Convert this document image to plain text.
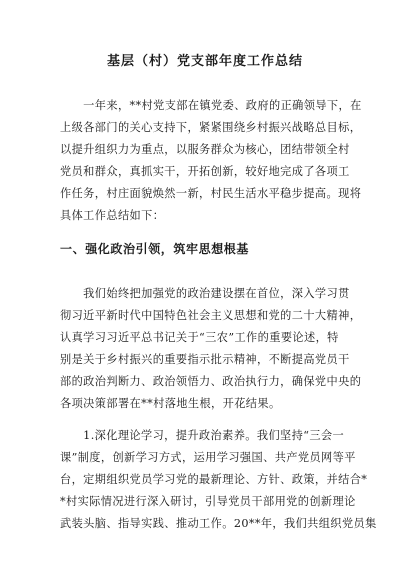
基层（村）党支部年度工作总结
　　一年来，**村党支部在镇党委、政府的正确领导下，在
上级各部门的关心支持下，紧紧围绕乡村振兴战略总目标，
以提升组织力为重点，以服务群众为核心，团结带领全村
党员和群众，真抓实干，开拓创新，较好地完成了各项工
作任务，村庄面貌焕然一新，村民生活水平稳步提高。现将
具体工作总结如下：
一、强化政治引领，筑牢思想根基
　　我们始终把加强党的政治建设摆在首位，深入学习贯
彻习近平新时代中国特色社会主义思想和党的二十大精神，
认真学习习近平总书记关于“三农”工作的重要论述，特
别是关于乡村振兴的重要指示批示精神，不断提高党员干
部的政治判断力、政治领悟力、政治执行力，确保党中央的
各项决策部署在**村落地生根，开花结果。
　　1.深化理论学习，提升政治素养。我们坚持“三会一
课”制度，创新学习方式，运用学习强国、共产党员网等平
台，定期组织党员学习党的最新理论、方针、政策，并结合*
*村实际情况进行深入研讨，引导党员干部用党的创新理论
武装头脑、指导实践、推动工作。20**年，我们共组织党员集
